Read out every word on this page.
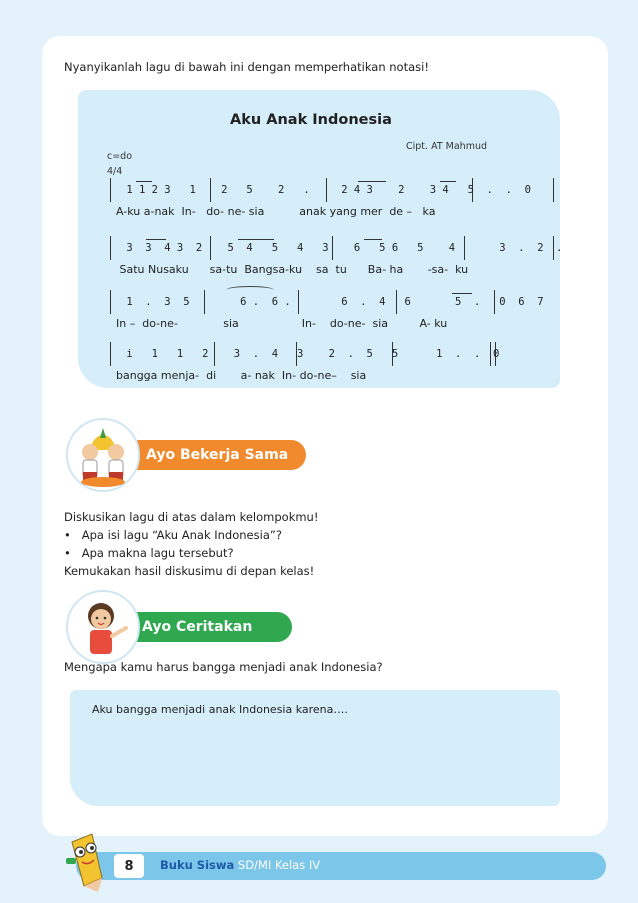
Nyanyikanlah lagu di bawah ini dengan memperhatikan notasi!
Aku Anak Indonesia
Cipt. AT Mahmud
c=do
4/4
1 1 2 3   1    2   5    2   .     2 4 3    2    3 4   5  .  .  0
A-ku a-nak  In-   do- ne- sia          anak yang mer  de –   ka
3  3  4 3  2    5  4   5   4   3    6   5 6   5    4       3  .  2  .
Satu Nusaku      sa-tu  Bangsa-ku    sa  tu      Ba- ha       -sa-  ku
1  .  3  5        6 .  6 .        6  .  4   6       5  .   0  6  7
In –  do-ne-             sia                  In-    do-ne-  sia         A- ku
i   1   1   2    3  .  4   3    2  .  5   5      1  .  .  0
bangga menja-  di       a- nak  In- do-ne–    sia
Ayo Bekerja Sama

Diskusikan lagu di atas dalam kelompokmu!

•   Apa isi lagu “Aku Anak Indonesia”?

•   Apa makna lagu tersebut?

Kemukakan hasil diskusimu di depan kelas!

Ayo Ceritakan
Mengapa kamu harus bangga menjadi anak Indonesia?
Aku bangga menjadi anak Indonesia karena….
8	Buku Siswa SD/MI Kelas IV
